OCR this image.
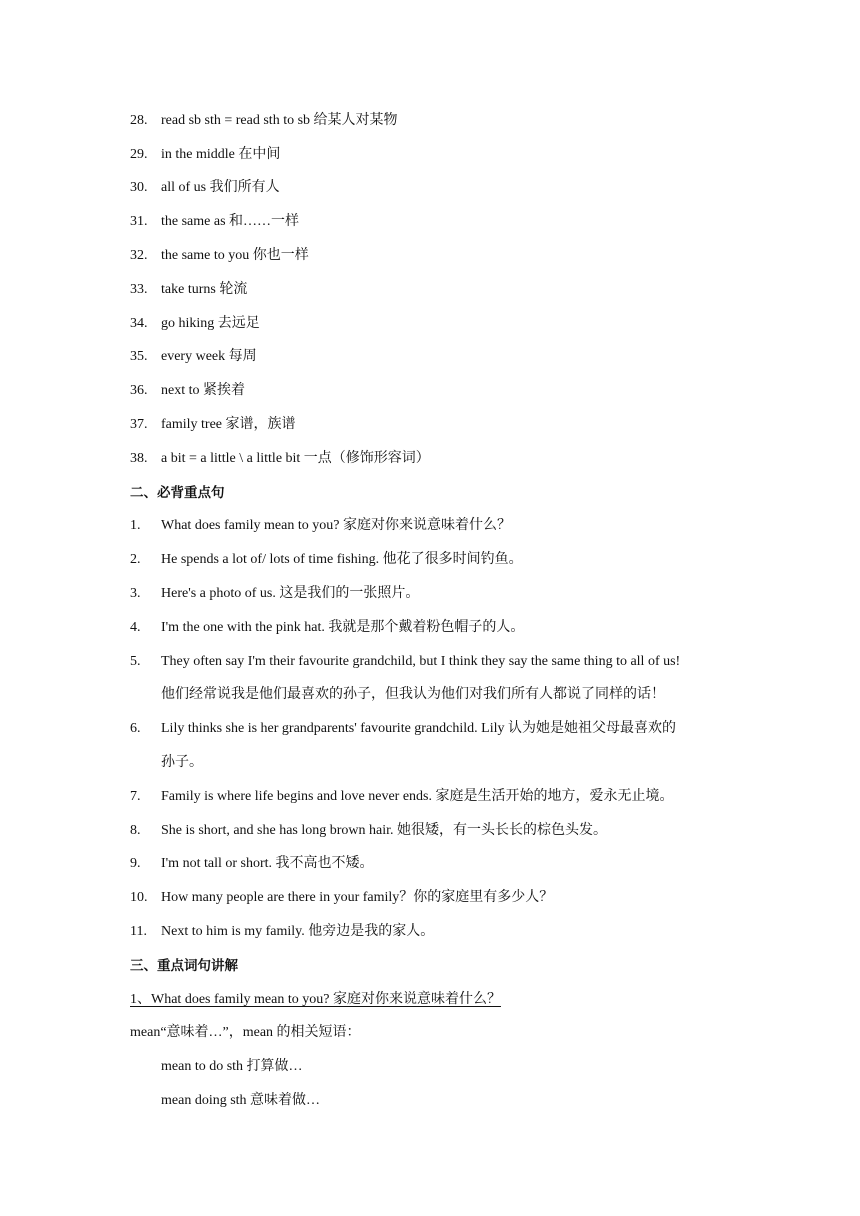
28. read sb sth = read sth to sb 给某人对某物
29. in the middle 在中间
30. all of us 我们所有人
31. the same as 和……一样
32. the same to you 你也一样
33. take turns 轮流
34. go hiking 去远足
35. every week 每周
36. next to 紧挨着
37. family tree 家谱，族谱
38. a bit = a little \ a little bit 一点（修饰形容词）
二、必背重点句
1. What does family mean to you? 家庭对你来说意味着什么？
2. He spends a lot of/ lots of time fishing. 他花了很多时间钓鱼。
3. Here's a photo of us. 这是我们的一张照片。
4. I'm the one with the pink hat. 我就是那个戴着粉色帽子的人。
5. They often say I'm their favourite grandchild, but I think they say the same thing to all of us!
他们经常说我是他们最喜欢的孙子，但我认为他们对我们所有人都说了同样的话！
6. Lily thinks she is her grandparents' favourite grandchild. Lily 认为她是她祖父母最喜欢的
孙子。
7. Family is where life begins and love never ends. 家庭是生活开始的地方，爱永无止境。
8. She is short, and she has long brown hair. 她很矮，有一头长长的棕色头发。
9. I'm not tall or short. 我不高也不矮。
10. How many people are there in your family？你的家庭里有多少人？
11. Next to him is my family. 他旁边是我的家人。
三、重点词句讲解
1、What does family mean to you? 家庭对你来说意味着什么？
mean“意味着…”，mean 的相关短语：
mean to do sth 打算做…
mean doing sth 意味着做…
